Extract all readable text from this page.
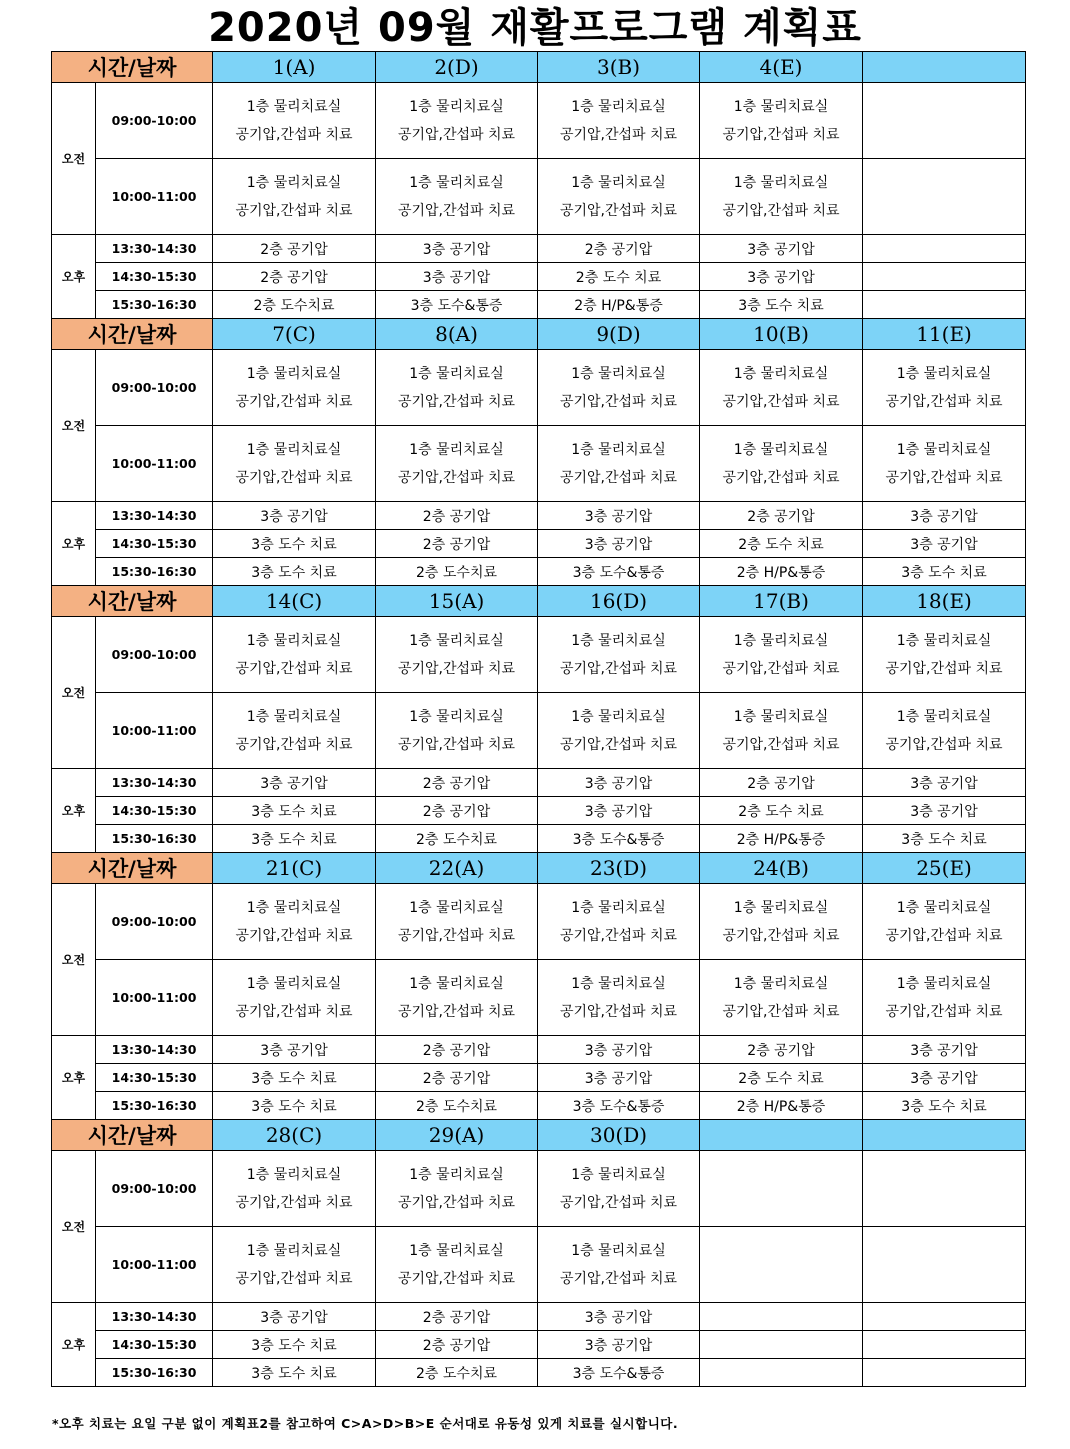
2020년 09월 재활프로그램 계획표
시간/날짜		1(A)	2(D)	3(B)	4(E)	
오전	09:00-10:00	1층 물리치료실
공기압,간섭파 치료	1층 물리치료실
공기압,간섭파 치료	1층 물리치료실
공기압,간섭파 치료	1층 물리치료실
공기압,간섭파 치료	

	10:00-11:00	1층 물리치료실
공기압,간섭파 치료	1층 물리치료실
공기압,간섭파 치료	1층 물리치료실
공기압,간섭파 치료	1층 물리치료실
공기압,간섭파 치료	

오후	13:30-14:30	2층 공기압	3층 공기압	2층 공기압	3층 공기압	
	14:30-15:30	2층 공기압	3층 공기압	2층 도수 치료	3층 공기압	
	15:30-16:30	2층 도수치료	3층 도수&통증	2층 H/P&통증	3층 도수 치료	
시간/날짜		7(C)	8(A)	9(D)	10(B)	11(E)
오전	09:00-10:00	1층 물리치료실
공기압,간섭파 치료	1층 물리치료실
공기압,간섭파 치료	1층 물리치료실
공기압,간섭파 치료	1층 물리치료실
공기압,간섭파 치료	1층 물리치료실
공기압,간섭파 치료

	10:00-11:00	1층 물리치료실
공기압,간섭파 치료	1층 물리치료실
공기압,간섭파 치료	1층 물리치료실
공기압,간섭파 치료	1층 물리치료실
공기압,간섭파 치료	1층 물리치료실
공기압,간섭파 치료

오후	13:30-14:30	3층 공기압	2층 공기압	3층 공기압	2층 공기압	3층 공기압
	14:30-15:30	3층 도수 치료	2층 공기압	3층 공기압	2층 도수 치료	3층 공기압
	15:30-16:30	3층 도수 치료	2층 도수치료	3층 도수&통증	2층 H/P&통증	3층 도수 치료
시간/날짜		14(C)	15(A)	16(D)	17(B)	18(E)
오전	09:00-10:00	1층 물리치료실
공기압,간섭파 치료	1층 물리치료실
공기압,간섭파 치료	1층 물리치료실
공기압,간섭파 치료	1층 물리치료실
공기압,간섭파 치료	1층 물리치료실
공기압,간섭파 치료

	10:00-11:00	1층 물리치료실
공기압,간섭파 치료	1층 물리치료실
공기압,간섭파 치료	1층 물리치료실
공기압,간섭파 치료	1층 물리치료실
공기압,간섭파 치료	1층 물리치료실
공기압,간섭파 치료

오후	13:30-14:30	3층 공기압	2층 공기압	3층 공기압	2층 공기압	3층 공기압
	14:30-15:30	3층 도수 치료	2층 공기압	3층 공기압	2층 도수 치료	3층 공기압
	15:30-16:30	3층 도수 치료	2층 도수치료	3층 도수&통증	2층 H/P&통증	3층 도수 치료
시간/날짜		21(C)	22(A)	23(D)	24(B)	25(E)
오전	09:00-10:00	1층 물리치료실
공기압,간섭파 치료	1층 물리치료실
공기압,간섭파 치료	1층 물리치료실
공기압,간섭파 치료	1층 물리치료실
공기압,간섭파 치료	1층 물리치료실
공기압,간섭파 치료

	10:00-11:00	1층 물리치료실
공기압,간섭파 치료	1층 물리치료실
공기압,간섭파 치료	1층 물리치료실
공기압,간섭파 치료	1층 물리치료실
공기압,간섭파 치료	1층 물리치료실
공기압,간섭파 치료

오후	13:30-14:30	3층 공기압	2층 공기압	3층 공기압	2층 공기압	3층 공기압
	14:30-15:30	3층 도수 치료	2층 공기압	3층 공기압	2층 도수 치료	3층 공기압
	15:30-16:30	3층 도수 치료	2층 도수치료	3층 도수&통증	2층 H/P&통증	3층 도수 치료
시간/날짜		28(C)	29(A)	30(D)		
오전	09:00-10:00	1층 물리치료실
공기압,간섭파 치료	1층 물리치료실
공기압,간섭파 치료	1층 물리치료실
공기압,간섭파 치료		

	10:00-11:00	1층 물리치료실
공기압,간섭파 치료	1층 물리치료실
공기압,간섭파 치료	1층 물리치료실
공기압,간섭파 치료		

오후	13:30-14:30	3층 공기압	2층 공기압	3층 공기압		
	14:30-15:30	3층 도수 치료	2층 공기압	3층 공기압		
	15:30-16:30	3층 도수 치료	2층 도수치료	3층 도수&통증		
*오후 치료는 요일 구분 없이 계획표2를 참고하여 C>A>D>B>E 순서대로 유동성 있게 치료를 실시합니다.
